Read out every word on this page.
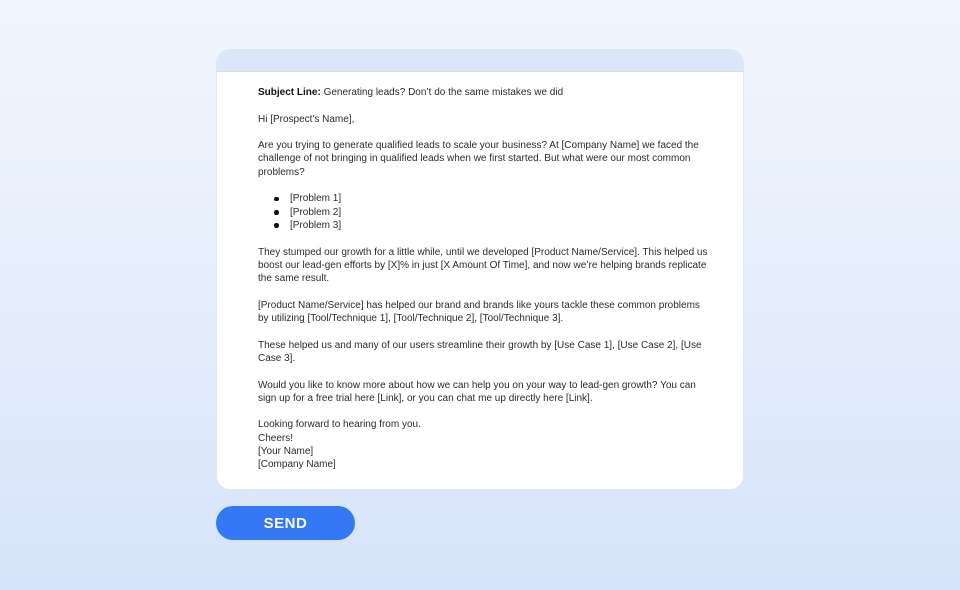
Subject Line: Generating leads? Don’t do the same mistakes we did

Hi [Prospect's Name],

Are you trying to generate qualified leads to scale your business? At [Company Name] we faced the challenge of not bringing in qualified leads when we first started. But what were our most common problems?

[Problem 1]
[Problem 2]
[Problem 3]

They stumped our growth for a little while, until we developed [Product Name/Service]. This helped us boost our lead-gen efforts by [X]% in just [X Amount Of Time], and now we’re helping brands replicate the same result.

[Product Name/Service] has helped our brand and brands like yours tackle these common problems by utilizing [Tool/Technique 1], [Tool/Technique 2], [Tool/Technique 3].

These helped us and many of our users streamline their growth by [Use Case 1], [Use Case 2], [Use Case 3].

Would you like to know more about how we can help you on your way to lead-gen growth? You can sign up for a free trial here [Link], or you can chat me up directly here [Link].

Looking forward to hearing from you.
Cheers!
[Your Name]
[Company Name]

SEND
